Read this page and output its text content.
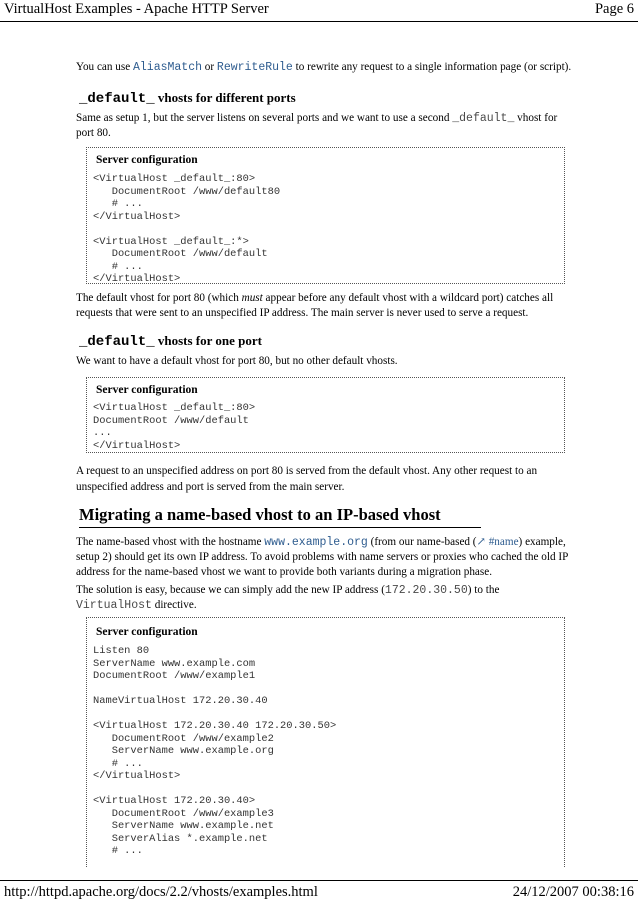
VirtualHost Examples - Apache HTTP Server	Page 6
You can use AliasMatch or RewriteRule to rewrite any request to a single information page (or script).
_default_ vhosts for different ports
Same as setup 1, but the server listens on several ports and we want to use a second _default_ vhost for
port 80.
Server configuration
<VirtualHost _default_:80>
DocumentRoot /www/default80
# ...
</VirtualHost>

<VirtualHost _default_:*>
DocumentRoot /www/default
# ...
</VirtualHost>
The default vhost for port 80 (which must appear before any default vhost with a wildcard port) catches all
requests that were sent to an unspecified IP address. The main server is never used to serve a request.
_default_ vhosts for one port
We want to have a default vhost for port 80, but no other default vhosts.
Server configuration
<VirtualHost _default_:80>
DocumentRoot /www/default
...
</VirtualHost>
A request to an unspecified address on port 80 is served from the default vhost. Any other request to an
unspecified address and port is served from the main server.
Migrating a name-based vhost to an IP-based vhost
The name-based vhost with the hostname www.example.org (from our name-based (↗ #name) example,
setup 2) should get its own IP address. To avoid problems with name servers or proxies who cached the old IP
address for the name-based vhost we want to provide both variants during a migration phase.
The solution is easy, because we can simply add the new IP address (172.20.30.50) to the
VirtualHost directive.
Server configuration
Listen 80
ServerName www.example.com
DocumentRoot /www/example1

NameVirtualHost 172.20.30.40

<VirtualHost 172.20.30.40 172.20.30.50>
DocumentRoot /www/example2
ServerName www.example.org
# ...
</VirtualHost>

<VirtualHost 172.20.30.40>
DocumentRoot /www/example3
ServerName www.example.net
ServerAlias *.example.net
# ...
http://httpd.apache.org/docs/2.2/vhosts/examples.html	24/12/2007 00:38:16
